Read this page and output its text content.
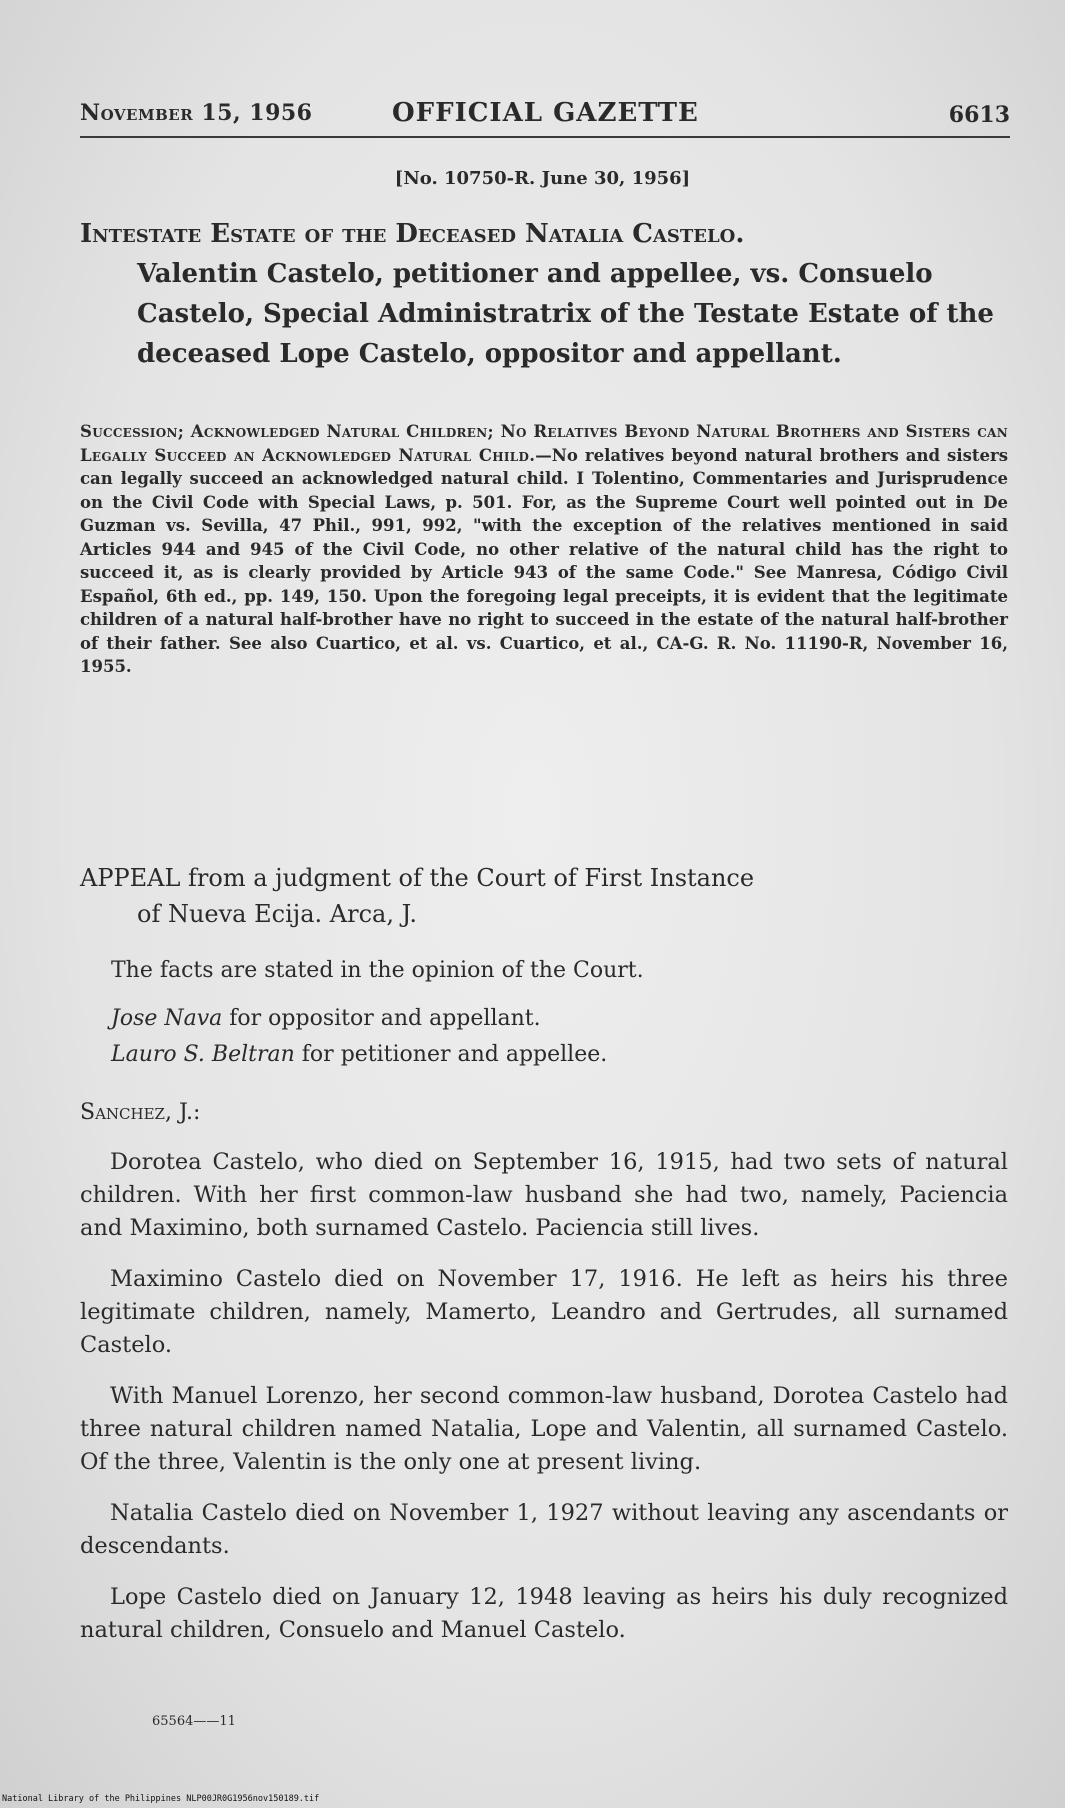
November 15, 1956	OFFICIAL GAZETTE	6613
[No. 10750-R. June 30, 1956]
Intestate Estate of the Deceased Natalia Castelo.
Valentin Castelo, petitioner and appellee, vs. Consuelo Castelo, Special Administratrix of the Testate Estate of the deceased Lope Castelo, oppositor and appellant.
Succession; Acknowledged Natural Children; No Relatives Beyond Natural Brothers and Sisters can Legally Succeed an Acknowledged Natural Child.—No relatives beyond natural brothers and sisters can legally succeed an acknowledged natural child. I Tolentino, Commentaries and Jurisprudence on the Civil Code with Special Laws, p. 501. For, as the Supreme Court well pointed out in De Guzman vs. Sevilla, 47 Phil., 991, 992, "with the exception of the relatives mentioned in said Articles 944 and 945 of the Civil Code, no other relative of the natural child has the right to succeed it, as is clearly provided by Article 943 of the same Code." See Manresa, Código Civil Español, 6th ed., pp. 149, 150. Upon the foregoing legal preceipts, it is evident that the legitimate children of a natural half-brother have no right to succeed in the estate of the natural half-brother of their father. See also Cuartico, et al. vs. Cuartico, et al., CA-G. R. No. 11190-R, November 16, 1955.
APPEAL from a judgment of the Court of First Instance
of Nueva Ecija. Arca, J.
The facts are stated in the opinion of the Court.
Jose Nava for oppositor and appellant.
Lauro S. Beltran for petitioner and appellee.
Sanchez, J.:

Dorotea Castelo, who died on September 16, 1915, had two sets of natural children. With her first common-law husband she had two, namely, Paciencia and Maximino, both surnamed Castelo. Paciencia still lives.

Maximino Castelo died on November 17, 1916. He left as heirs his three legitimate children, namely, Mamerto, Leandro and Gertrudes, all surnamed Castelo.

With Manuel Lorenzo, her second common-law husband, Dorotea Castelo had three natural children named Natalia, Lope and Valentin, all surnamed Castelo. Of the three, Valentin is the only one at present living.

Natalia Castelo died on November 1, 1927 without leaving any ascendants or descendants.

Lope Castelo died on January 12, 1948 leaving as heirs his duly recognized natural children, Consuelo and Manuel Castelo.

65564——11
National Library of the Philippines NLP00JR0G1956nov150189.tif
